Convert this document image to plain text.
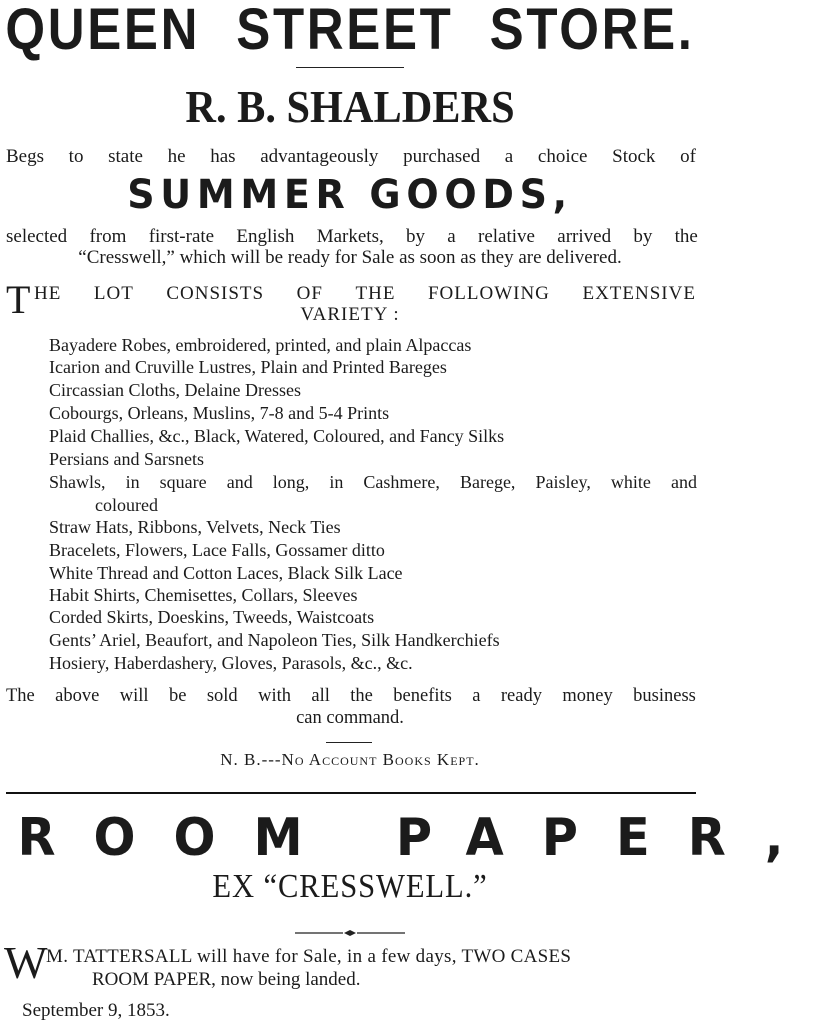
QUEEN STREET STORE.
R. B. SHALDERS
Begs to state he has advantageously purchased a choice Stock of
SUMMER GOODS,
selected from first-rate English Markets, by a relative arrived by the
“Cresswell,” which will be ready for Sale as soon as they are delivered.
T HE LOT CONSISTS OF THE FOLLOWING EXTENSIVE
VARIETY :
Bayadere Robes, embroidered, printed, and plain Alpaccas
Icarion and Cruville Lustres, Plain and Printed Bareges
Circassian Cloths, Delaine Dresses
Cobourgs, Orleans, Muslins, 7-8 and 5-4 Prints
Plaid Challies, &c., Black, Watered, Coloured, and Fancy Silks
Persians and Sarsnets
Shawls, in square and long, in Cashmere, Barege, Paisley, white and
coloured
Straw Hats, Ribbons, Velvets, Neck Ties
Bracelets, Flowers, Lace Falls, Gossamer ditto
White Thread and Cotton Laces, Black Silk Lace
Habit Shirts, Chemisettes, Collars, Sleeves
Corded Skirts, Doeskins, Tweeds, Waistcoats
Gents’ Ariel, Beaufort, and Napoleon Ties, Silk Handkerchiefs
Hosiery, Haberdashery, Gloves, Parasols, &c., &c.
The above will be sold with all the benefits a ready money business
can command.
N. B.---No Account Books Kept.
ROOM PAPER,
EX “CRESSWELL.”
W
M. TATTERSALL will have for Sale, in a few days, TWO CASES
ROOM PAPER, now being landed.
September 9, 1853.
